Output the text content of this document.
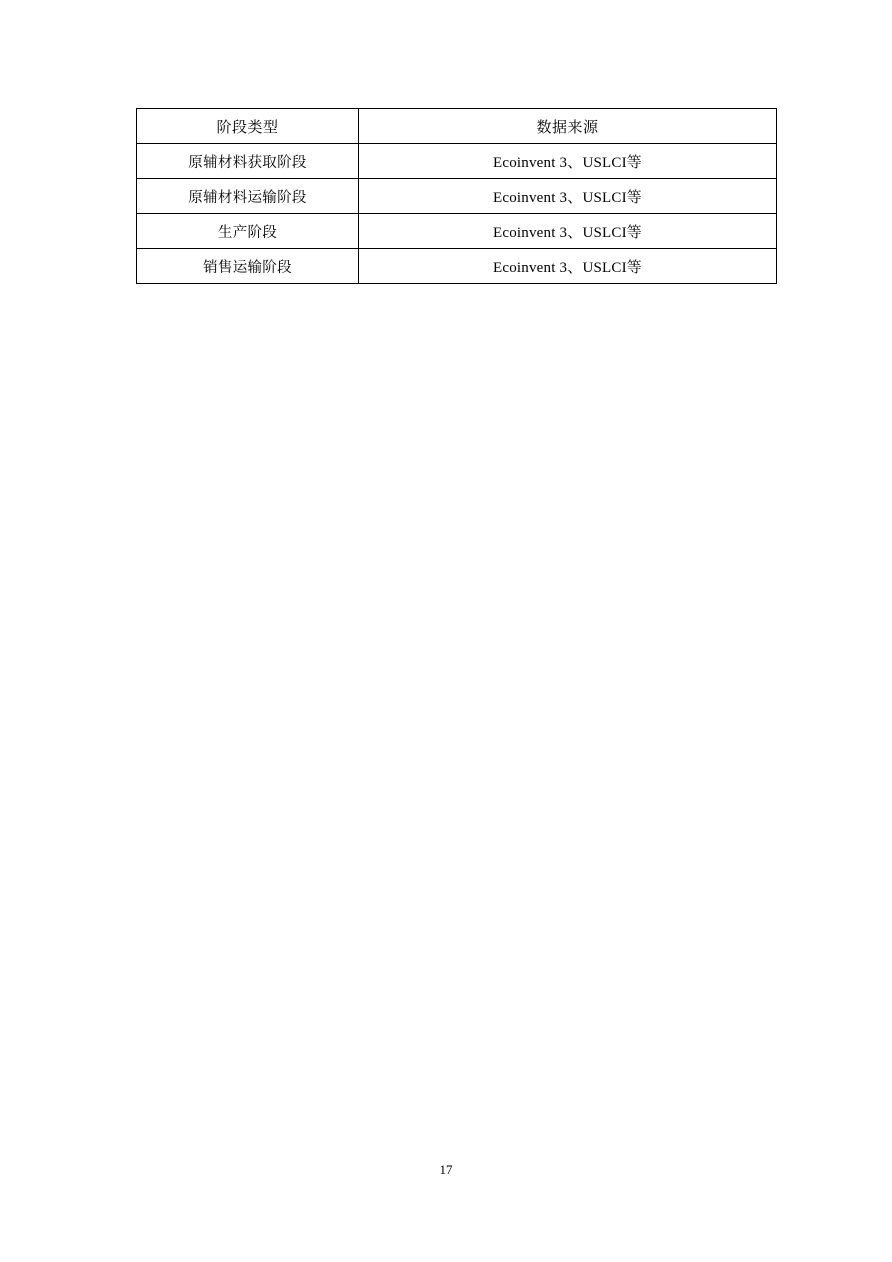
阶段类型	数据来源
原辅材料获取阶段	Ecoinvent 3、USLCI等
原辅材料运输阶段	Ecoinvent 3、USLCI等
生产阶段	Ecoinvent 3、USLCI等
销售运输阶段	Ecoinvent 3、USLCI等
17
